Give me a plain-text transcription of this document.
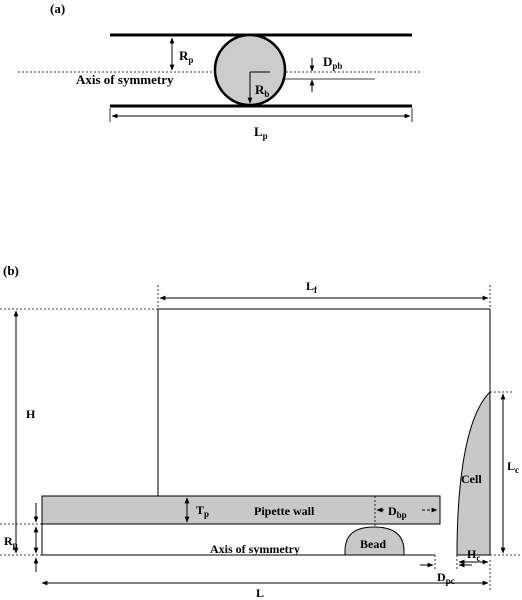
(a)
$R_p$
$R_b$
$D_{pb}$
Axis of symmetry
$L_p$
(b)
$L_f$
H
Pipette wall
$T_p$	$D_{bp}$
Bead
Cell
$L_c$
$H_c$
$D_{pc}$
$R_p$	Axis of symmetry
L
